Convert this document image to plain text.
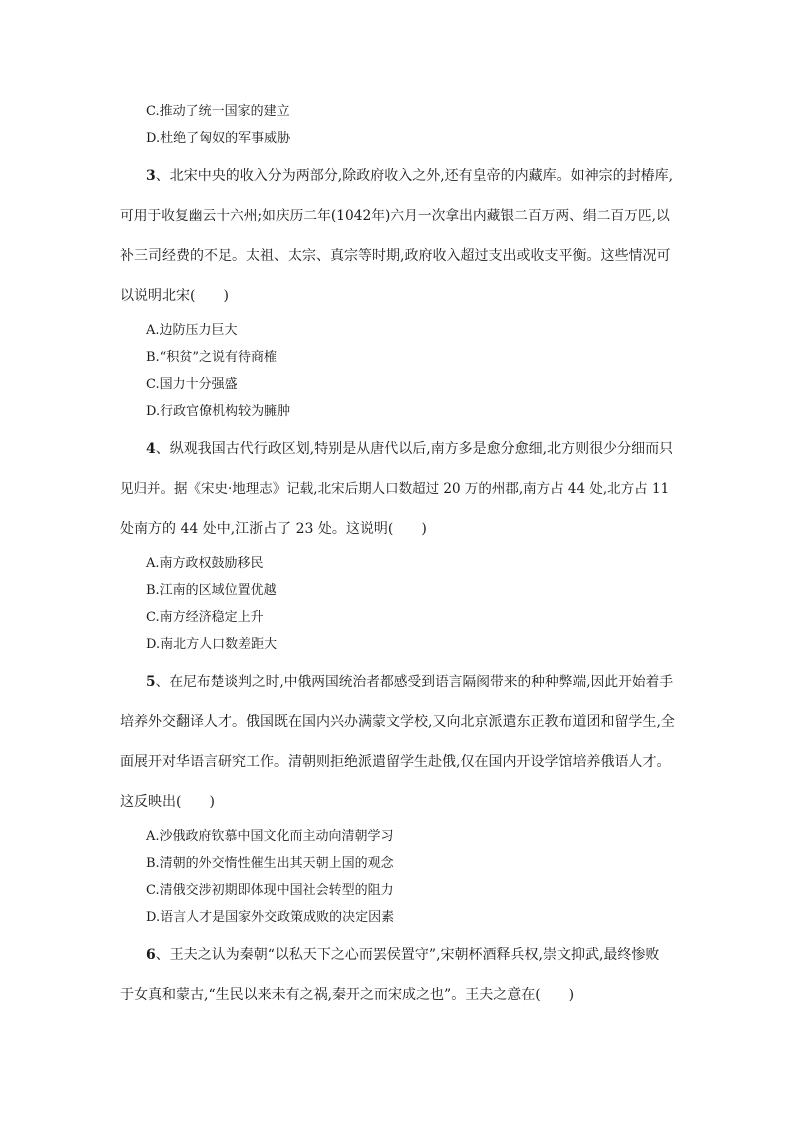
C.推动了统一国家的建立
D.杜绝了匈奴的军事威胁
3、北宋中央的收入分为两部分,除政府收入之外,还有皇帝的内藏库。如神宗的封椿库,
可用于收复幽云十六州;如庆历二年(1042年)六月一次拿出内藏银二百万两、绢二百万匹,以
补三司经费的不足。太祖、太宗、真宗等时期,政府收入超过支出或收支平衡。这些情况可
以说明北宋(　　)
A.边防压力巨大
B.“积贫”之说有待商榷
C.国力十分强盛
D.行政官僚机构较为臃肿
4、纵观我国古代行政区划,特别是从唐代以后,南方多是愈分愈细,北方则很少分细而只
见归并。据《宋史·地理志》记载,北宋后期人口数超过 20 万的州郡,南方占 44 处,北方占 11
处南方的 44 处中,江浙占了 23 处。这说明(　　)
A.南方政权鼓励移民
B.江南的区域位置优越
C.南方经济稳定上升
D.南北方人口数差距大
5、在尼布楚谈判之时,中俄两国统治者都感受到语言隔阂带来的种种弊端,因此开始着手
培养外交翻译人才。俄国既在国内兴办满蒙文学校,又向北京派遣东正教布道团和留学生,全
面展开对华语言研究工作。清朝则拒绝派遣留学生赴俄,仅在国内开设学馆培养俄语人才。
这反映出(　　)
A.沙俄政府钦慕中国文化而主动向清朝学习
B.清朝的外交惰性催生出其天朝上国的观念
C.清俄交涉初期即体现中国社会转型的阻力
D.语言人才是国家外交政策成败的决定因素
6、王夫之认为秦朝“以私天下之心而罢侯置守”,宋朝杯酒释兵权,崇文抑武,最终惨败
于女真和蒙古,“生民以来未有之祸,秦开之而宋成之也”。王夫之意在(　　)
